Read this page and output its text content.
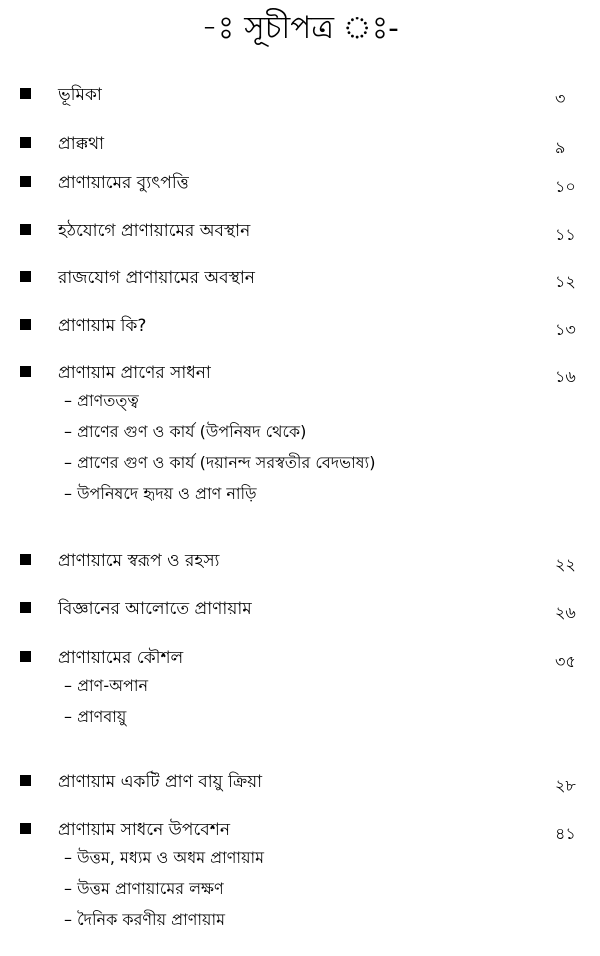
-ঃ সূচীপত্র ঃ-
ভূমিকা	৩
প্রাক্কথা	৯
প্রাণায়ামের ব্যুৎপত্তি	১০
হঠযোগে প্রাণায়ামের অবস্থান	১১
রাজযোগ প্রাণায়ামের অবস্থান	১২
প্রাণায়াম কি?	১৩
প্রাণায়াম প্রাণের সাধনা	১৬
– প্রাণতত্ত্ব
– প্রাণের গুণ ও কার্য (উপনিষদ থেকে)
– প্রাণের গুণ ও কার্য (দয়ানন্দ সরস্বতীর বেদভাষ্য)
– উপনিষদে হৃদয় ও প্রাণ নাড়ি
প্রাণায়ামে স্বরূপ ও রহস্য	২২
বিজ্ঞানের আলোতে প্রাণায়াম	২৬
প্রাণায়ামের কৌশল	৩৫
– প্রাণ-অপান
– প্রাণবায়ু
প্রাণায়াম একটি প্রাণ বায়ু ক্রিয়া	২৮
প্রাণায়াম সাধনে উপবেশন	৪১
– উত্তম, মধ্যম ও অধম প্রাণায়াম
– উত্তম প্রাণায়ামের লক্ষণ
– দৈনিক করণীয় প্রাণায়াম
